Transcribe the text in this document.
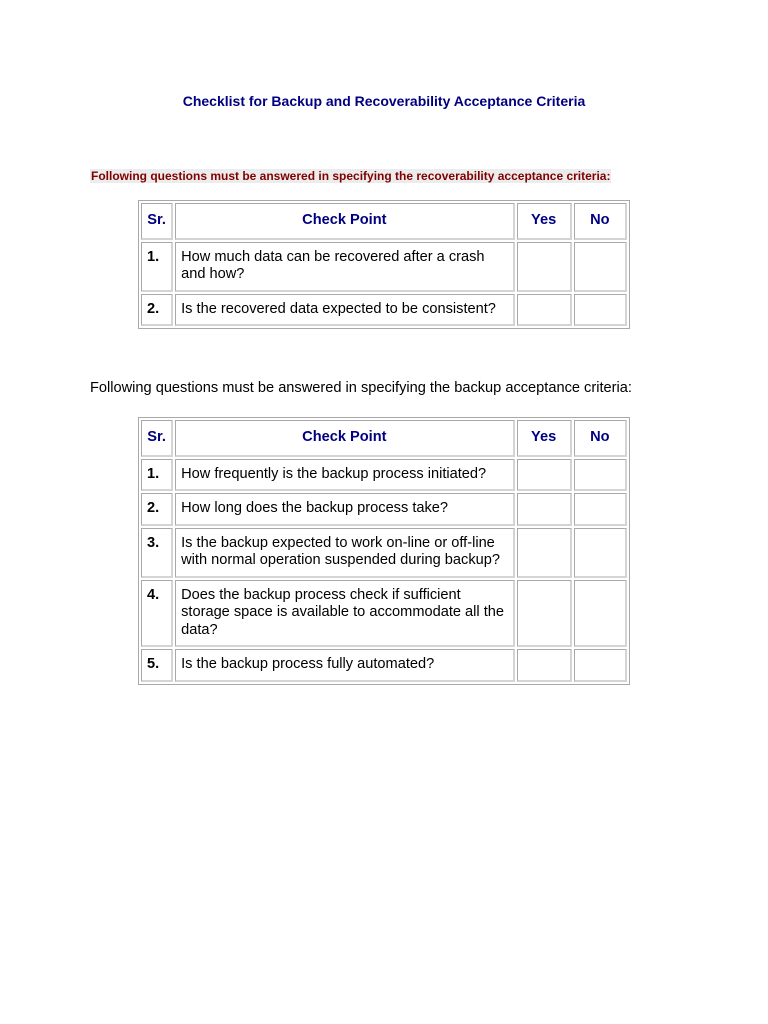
Checklist for Backup and Recoverability Acceptance Criteria
Following questions must be answered in specifying the recoverability acceptance criteria:
Sr.	Check Point	Yes	No
1.	How much data can be recovered after a crash and how?		
2.	Is the recovered data expected to be consistent?		
Following questions must be answered in specifying the backup acceptance criteria:
Sr.	Check Point	Yes	No
1.	How frequently is the backup process initiated?		
2.	How long does the backup process take?		
3.	Is the backup expected to work on-line or off-line with normal operation suspended during backup?		
4.	Does the backup process check if sufficient storage space is available to accommodate all the data?		
5.	Is the backup process fully automated?		
